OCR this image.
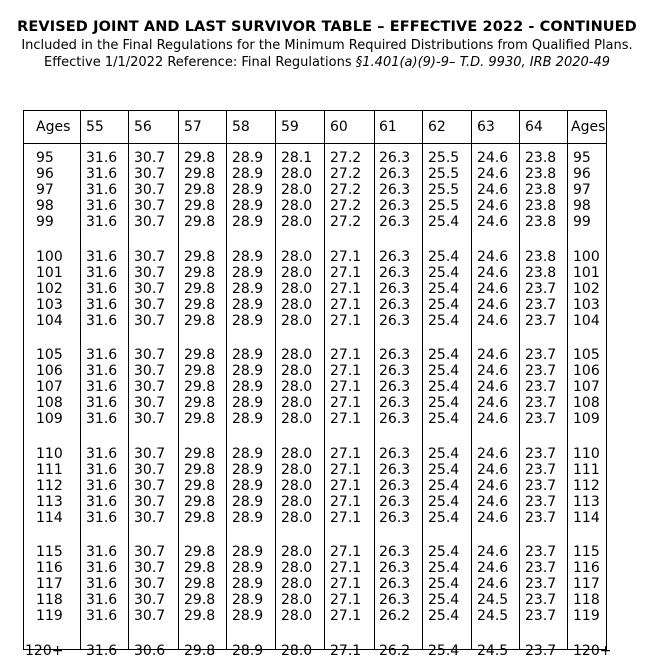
REVISED JOINT AND LAST SURVIVOR TABLE – EFFECTIVE 2022 - CONTINUED
Included in the Final Regulations for the Minimum Required Distributions from Qualified Plans.
Effective 1/1/2022 Reference: Final Regulations §1.401(a)(9)-9– T.D. 9930, IRB 2020-49
Ages 55 56 57 58 59 60 61 62 63 64 Ages
95 31.6 30.7 29.8 28.9 28.1 27.2 26.3 25.5 24.6 23.8 95
96 31.6 30.7 29.8 28.9 28.0 27.2 26.3 25.5 24.6 23.8 96
97 31.6 30.7 29.8 28.9 28.0 27.2 26.3 25.5 24.6 23.8 97
98 31.6 30.7 29.8 28.9 28.0 27.2 26.3 25.5 24.6 23.8 98
99 31.6 30.7 29.8 28.9 28.0 27.2 26.3 25.4 24.6 23.8 99
100 31.6 30.7 29.8 28.9 28.0 27.1 26.3 25.4 24.6 23.8 100
101 31.6 30.7 29.8 28.9 28.0 27.1 26.3 25.4 24.6 23.8 101
102 31.6 30.7 29.8 28.9 28.0 27.1 26.3 25.4 24.6 23.7 102
103 31.6 30.7 29.8 28.9 28.0 27.1 26.3 25.4 24.6 23.7 103
104 31.6 30.7 29.8 28.9 28.0 27.1 26.3 25.4 24.6 23.7 104
105 31.6 30.7 29.8 28.9 28.0 27.1 26.3 25.4 24.6 23.7 105
106 31.6 30.7 29.8 28.9 28.0 27.1 26.3 25.4 24.6 23.7 106
107 31.6 30.7 29.8 28.9 28.0 27.1 26.3 25.4 24.6 23.7 107
108 31.6 30.7 29.8 28.9 28.0 27.1 26.3 25.4 24.6 23.7 108
109 31.6 30.7 29.8 28.9 28.0 27.1 26.3 25.4 24.6 23.7 109
110 31.6 30.7 29.8 28.9 28.0 27.1 26.3 25.4 24.6 23.7 110
111 31.6 30.7 29.8 28.9 28.0 27.1 26.3 25.4 24.6 23.7 111
112 31.6 30.7 29.8 28.9 28.0 27.1 26.3 25.4 24.6 23.7 112
113 31.6 30.7 29.8 28.9 28.0 27.1 26.3 25.4 24.6 23.7 113
114 31.6 30.7 29.8 28.9 28.0 27.1 26.3 25.4 24.6 23.7 114
115 31.6 30.7 29.8 28.9 28.0 27.1 26.3 25.4 24.6 23.7 115
116 31.6 30.7 29.8 28.9 28.0 27.1 26.3 25.4 24.6 23.7 116
117 31.6 30.7 29.8 28.9 28.0 27.1 26.3 25.4 24.6 23.7 117
118 31.6 30.7 29.8 28.9 28.0 27.1 26.3 25.4 24.5 23.7 118
119 31.6 30.7 29.8 28.9 28.0 27.1 26.2 25.4 24.5 23.7 119
120+ 31.6 30.6 29.8 28.9 28.0 27.1 26.2 25.4 24.5 23.7 120+
